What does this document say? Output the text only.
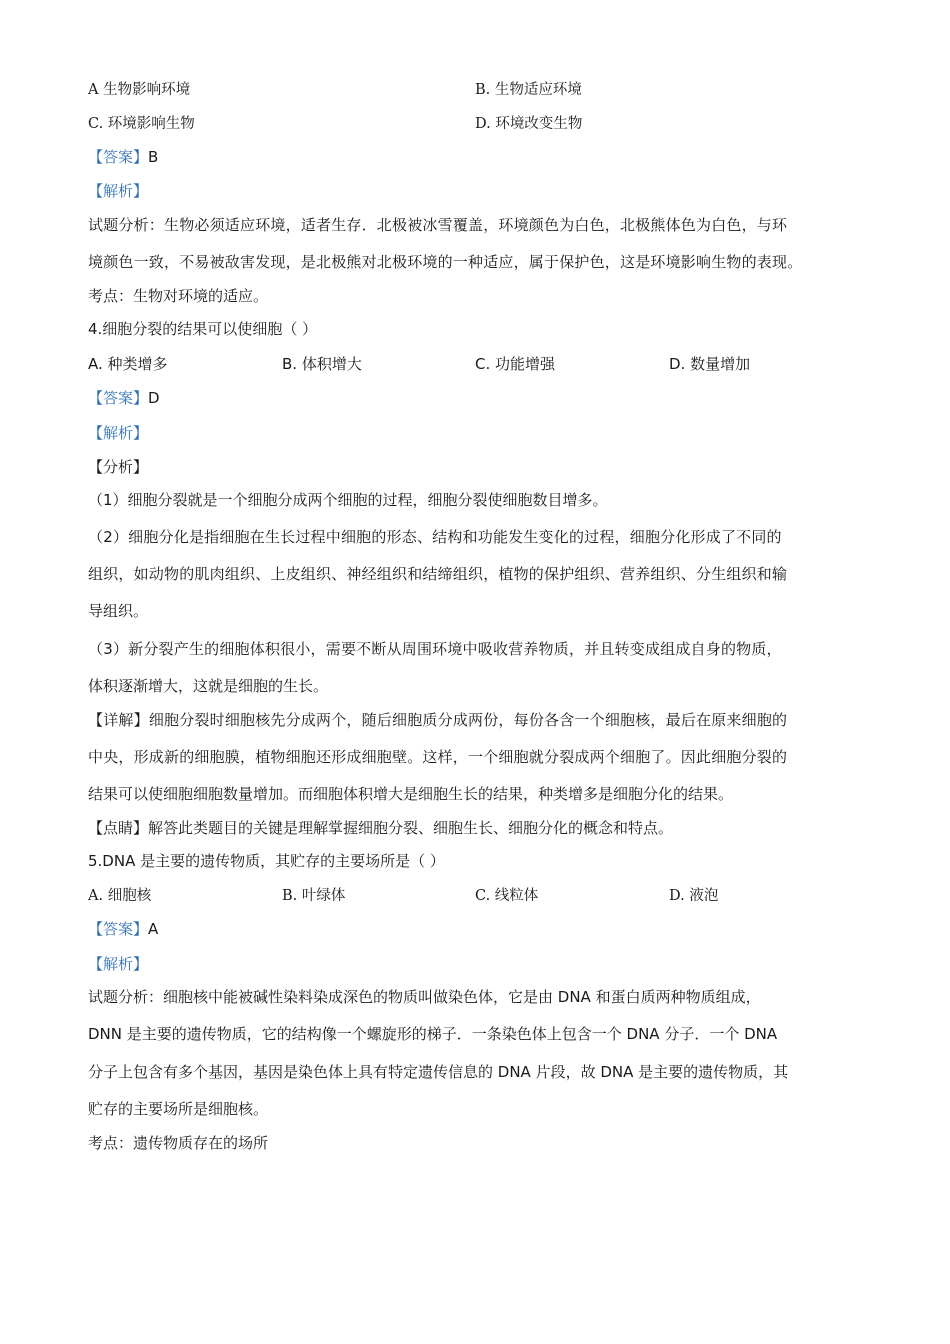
A 生物影响环境	B. 生物适应环境
C. 环境影响生物	D. 环境改变生物
【答案】B
【解析】
试题分析：生物必须适应环境，适者生存．北极被冰雪覆盖，环境颜色为白色，北极熊体色为白色，与环
境颜色一致，不易被敌害发现，是北极熊对北极环境的一种适应，属于保护色，这是环境影响生物的表现。
考点：生物对环境的适应。
4.细胞分裂的结果可以使细胞（ ）
A. 种类增多	B. 体积增大	C. 功能增强	D. 数量增加
【答案】D
【解析】
【分析】
（1）细胞分裂就是一个细胞分成两个细胞的过程，细胞分裂使细胞数目增多。
（2）细胞分化是指细胞在生长过程中细胞的形态、结构和功能发生变化的过程，细胞分化形成了不同的
组织，如动物的肌肉组织、上皮组织、神经组织和结缔组织，植物的保护组织、营养组织、分生组织和输
导组织。
（3）新分裂产生的细胞体积很小，需要不断从周围环境中吸收营养物质，并且转变成组成自身的物质，
体积逐渐增大，这就是细胞的生长。
【详解】细胞分裂时细胞核先分成两个，随后细胞质分成两份，每份各含一个细胞核，最后在原来细胞的
中央，形成新的细胞膜，植物细胞还形成细胞壁。这样，一个细胞就分裂成两个细胞了。因此细胞分裂的
结果可以使细胞细胞数量增加。而细胞体积增大是细胞生长的结果，种类增多是细胞分化的结果。
【点睛】解答此类题目的关键是理解掌握细胞分裂、细胞生长、细胞分化的概念和特点。
5.DNA 是主要的遗传物质，其贮存的主要场所是（ ）
A. 细胞核	B. 叶绿体	C. 线粒体	D. 液泡
【答案】A
【解析】
试题分析：细胞核中能被碱性染料染成深色的物质叫做染色体，它是由 DNA 和蛋白质两种物质组成，
DNN 是主要的遗传物质，它的结构像一个螺旋形的梯子．一条染色体上包含一个 DNA 分子．一个 DNA
分子上包含有多个基因，基因是染色体上具有特定遗传信息的 DNA 片段，故 DNA 是主要的遗传物质，其
贮存的主要场所是细胞核。
考点：遗传物质存在的场所
